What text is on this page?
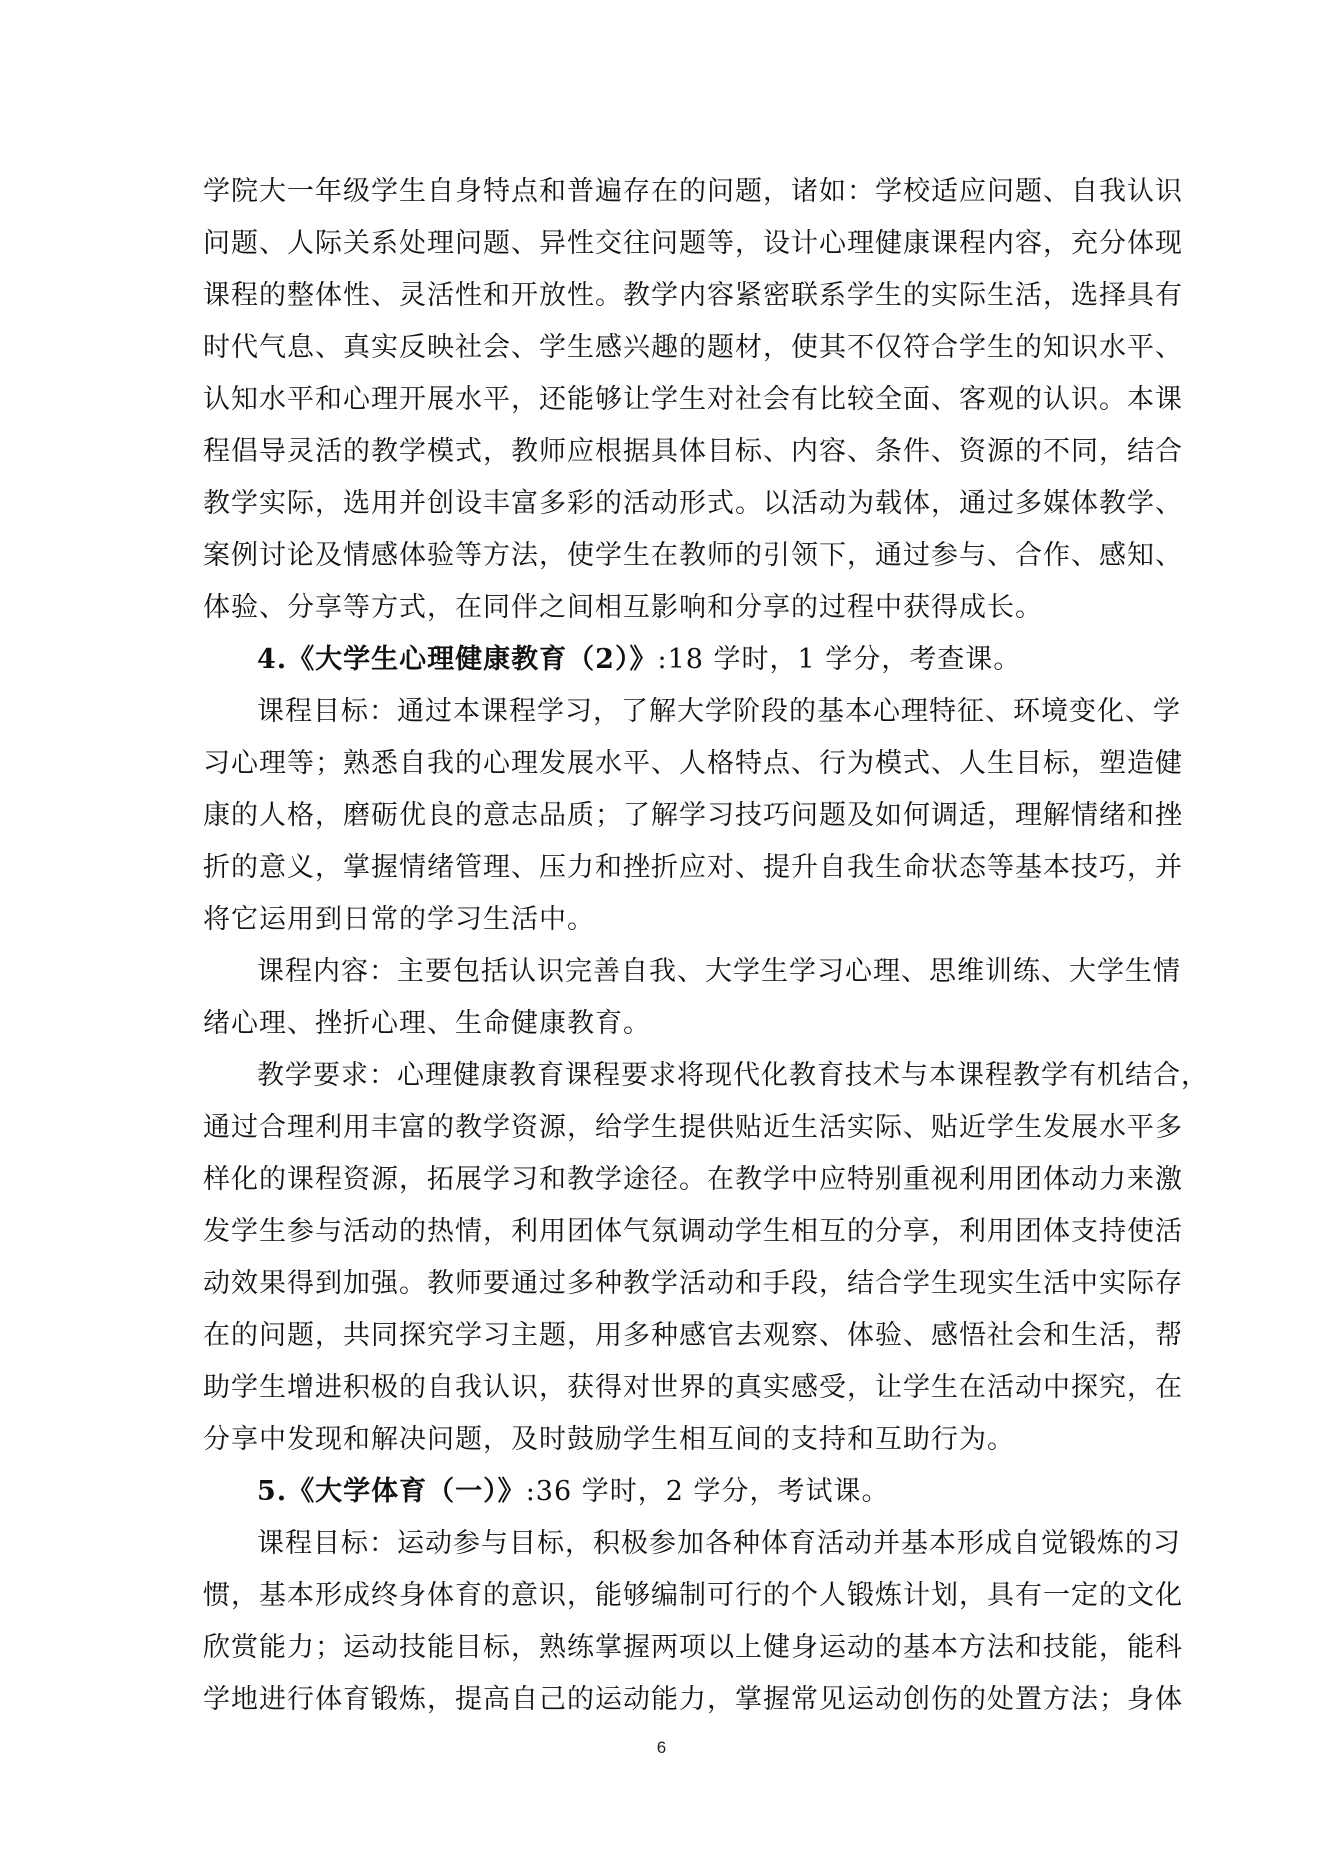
学院大一年级学生自身特点和普遍存在的问题，诸如：学校适应问题、自我认识
问题、人际关系处理问题、异性交往问题等，设计心理健康课程内容，充分体现
课程的整体性、灵活性和开放性。教学内容紧密联系学生的实际生活，选择具有
时代气息、真实反映社会、学生感兴趣的题材，使其不仅符合学生的知识水平、
认知水平和心理开展水平，还能够让学生对社会有比较全面、客观的认识。本课
程倡导灵活的教学模式，教师应根据具体目标、内容、条件、资源的不同，结合
教学实际，选用并创设丰富多彩的活动形式。以活动为载体，通过多媒体教学、
案例讨论及情感体验等方法，使学生在教师的引领下，通过参与、合作、感知、
体验、分享等方式，在同伴之间相互影响和分享的过程中获得成长。
4.《大学生心理健康教育（2）》:18 学时，1 学分，考查课。
课程目标：通过本课程学习，了解大学阶段的基本心理特征、环境变化、学
习心理等；熟悉自我的心理发展水平、人格特点、行为模式、人生目标，塑造健
康的人格，磨砺优良的意志品质；了解学习技巧问题及如何调适，理解情绪和挫
折的意义，掌握情绪管理、压力和挫折应对、提升自我生命状态等基本技巧，并
将它运用到日常的学习生活中。
课程内容：主要包括认识完善自我、大学生学习心理、思维训练、大学生情
绪心理、挫折心理、生命健康教育。
教学要求：心理健康教育课程要求将现代化教育技术与本课程教学有机结合，
通过合理利用丰富的教学资源，给学生提供贴近生活实际、贴近学生发展水平多
样化的课程资源，拓展学习和教学途径。在教学中应特别重视利用团体动力来激
发学生参与活动的热情，利用团体气氛调动学生相互的分享，利用团体支持使活
动效果得到加强。教师要通过多种教学活动和手段，结合学生现实生活中实际存
在的问题，共同探究学习主题，用多种感官去观察、体验、感悟社会和生活，帮
助学生增进积极的自我认识，获得对世界的真实感受，让学生在活动中探究，在
分享中发现和解决问题，及时鼓励学生相互间的支持和互助行为。
5.《大学体育（一）》:36 学时，2 学分，考试课。
课程目标：运动参与目标，积极参加各种体育活动并基本形成自觉锻炼的习
惯，基本形成终身体育的意识，能够编制可行的个人锻炼计划，具有一定的文化
欣赏能力；运动技能目标，熟练掌握两项以上健身运动的基本方法和技能，能科
学地进行体育锻炼，提高自己的运动能力，掌握常见运动创伤的处置方法；身体
6
